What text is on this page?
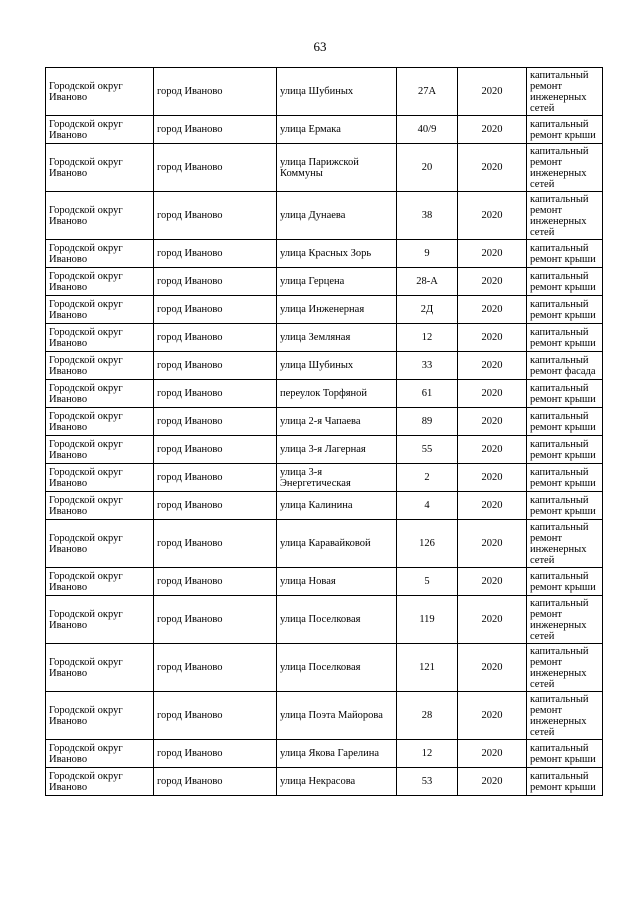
63
Городской округ Иваново	город Иваново	улица Шубиных	27А	2020	капитальный ремонт инженерных сетей
Городской округ Иваново	город Иваново	улица Ермака	40/9	2020	капитальный ремонт крыши
Городской округ Иваново	город Иваново	улица Парижской Коммуны	20	2020	капитальный ремонт инженерных сетей
Городской округ Иваново	город Иваново	улица Дунаева	38	2020	капитальный ремонт инженерных сетей
Городской округ Иваново	город Иваново	улица Красных Зорь	9	2020	капитальный ремонт крыши
Городской округ Иваново	город Иваново	улица Герцена	28-А	2020	капитальный ремонт крыши
Городской округ Иваново	город Иваново	улица Инженерная	2Д	2020	капитальный ремонт крыши
Городской округ Иваново	город Иваново	улица Земляная	12	2020	капитальный ремонт крыши
Городской округ Иваново	город Иваново	улица Шубиных	33	2020	капитальный ремонт фасада
Городской округ Иваново	город Иваново	переулок Торфяной	61	2020	капитальный ремонт крыши
Городской округ Иваново	город Иваново	улица 2-я Чапаева	89	2020	капитальный ремонт крыши
Городской округ Иваново	город Иваново	улица 3-я Лагерная	55	2020	капитальный ремонт крыши
Городской округ Иваново	город Иваново	улица 3-я Энергетическая	2	2020	капитальный ремонт крыши
Городской округ Иваново	город Иваново	улица Калинина	4	2020	капитальный ремонт крыши
Городской округ Иваново	город Иваново	улица Каравайковой	126	2020	капитальный ремонт инженерных сетей
Городской округ Иваново	город Иваново	улица Новая	5	2020	капитальный ремонт крыши
Городской округ Иваново	город Иваново	улица Поселковая	119	2020	капитальный ремонт инженерных сетей
Городской округ Иваново	город Иваново	улица Поселковая	121	2020	капитальный ремонт инженерных сетей
Городской округ Иваново	город Иваново	улица Поэта Майорова	28	2020	капитальный ремонт инженерных сетей
Городской округ Иваново	город Иваново	улица Якова Гарелина	12	2020	капитальный ремонт крыши
Городской округ Иваново	город Иваново	улица Некрасова	53	2020	капитальный ремонт крыши
